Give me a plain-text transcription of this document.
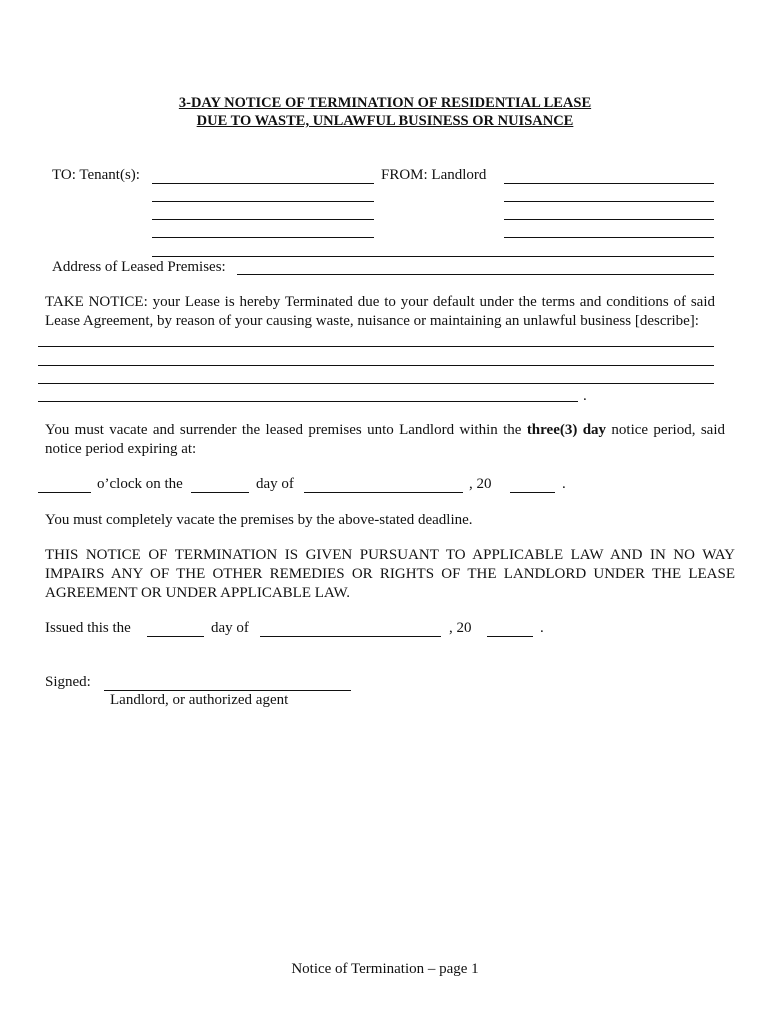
3-DAY NOTICE OF TERMINATION OF RESIDENTIAL LEASE
DUE TO WASTE, UNLAWFUL BUSINESS OR NUISANCE
TO: Tenant(s):	FROM: Landlord
Address of Leased Premises:
TAKE NOTICE: your Lease is hereby Terminated due to your default under the terms and conditions of said Lease Agreement, by reason of your causing waste, nuisance or maintaining an unlawful business [describe]:
.
You must vacate and surrender the leased premises unto Landlord within the three(3) day notice period, said notice period expiring at:
o’clock on the	day of	, 20	.
You must completely vacate the premises by the above-stated deadline.
THIS NOTICE OF TERMINATION IS GIVEN PURSUANT TO APPLICABLE LAW AND IN NO WAY IMPAIRS ANY OF THE OTHER REMEDIES OR RIGHTS OF THE LANDLORD UNDER THE LEASE AGREEMENT OR UNDER APPLICABLE LAW.
Issued this the	day of	, 20	.
Signed:
Landlord, or authorized agent
Notice of Termination – page 1
